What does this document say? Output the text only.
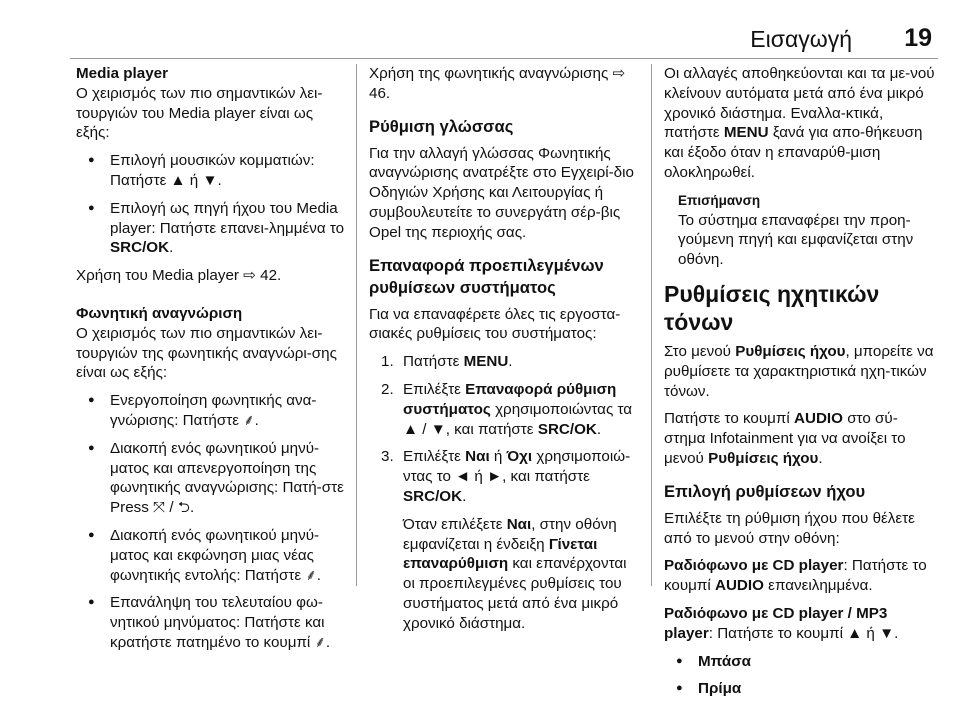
Εισαγωγή 19

Media player

Ο χειρισμός των πιο σημαντικών λει-τουργιών του Media player είναι ως εξής:

● Επιλογή μουσικών κομματιών: Πατήστε ▲ ή ▼.
● Επιλογή ως πηγή ήχου του Media player: Πατήστε επανει-λημμένα το SRC/OK.

Χρήση του Media player ⇨ 42.

Φωνητική αναγνώριση

Ο χειρισμός των πιο σημαντικών λει-τουργιών της φωνητικής αναγνώρι-σης είναι ως εξής:

● Ενεργοποίηση φωνητικής ανα-γνώρισης: Πατήστε ⸙.
● Διακοπή ενός φωνητικού μηνύ-ματος και απενεργοποίηση της φωνητικής αναγνώρισης: Πατή-στε Press ⤧ / ⮌.
● Διακοπή ενός φωνητικού μηνύ-ματος και εκφώνηση μιας νέας φωνητικής εντολής: Πατήστε ⸙.
● Επανάληψη του τελευταίου φω-νητικού μηνύματος: Πατήστε και κρατήστε πατημένο το κουμπί ⸙.

Χρήση της φωνητικής αναγνώρισης ⇨ 46.

Ρύθμιση γλώσσας

Για την αλλαγή γλώσσας Φωνητικής αναγνώρισης ανατρέξτε στο Εγχειρί-διο Οδηγιών Χρήσης και Λειτουργίας ή συμβουλευτείτε το συνεργάτη σέρ-βις Opel της περιοχής σας.

Επαναφορά προεπιλεγμένων ρυθμίσεων συστήματος

Για να επαναφέρετε όλες τις εργοστα-σιακές ρυθμίσεις του συστήματος:

1. Πατήστε MENU.
2. Επιλέξτε Επαναφορά ρύθμιση συστήματος χρησιμοποιώντας τα ▲ / ▼, και πατήστε SRC/OK.
3. Επιλέξτε Ναι ή Όχι χρησιμοποιώ-ντας το ◄ ή ►, και πατήστε SRC/OK.
Όταν επιλέξετε Ναι, στην οθόνη εμφανίζεται η ένδειξη Γίνεται επαναρύθμιση και επανέρχονται οι προεπιλεγμένες ρυθμίσεις του συστήματος μετά από ένα μικρό χρονικό διάστημα.

Οι αλλαγές αποθηκεύονται και τα με-νού κλείνουν αυτόματα μετά από ένα μικρό χρονικό διάστημα. Εναλλα-κτικά, πατήστε MENU ξανά για απο-θήκευση και έξοδο όταν η επαναρύθ-μιση ολοκληρωθεί.

Επισήμανση

Το σύστημα επαναφέρει την προη-γούμενη πηγή και εμφανίζεται στην οθόνη.

Ρυθμίσεις ηχητικών τόνων

Στο μενού Ρυθμίσεις ήχου, μπορείτε να ρυθμίσετε τα χαρακτηριστικά ηχη-τικών τόνων.

Πατήστε το κουμπί AUDIO στο σύ-στημα Infotainment για να ανοίξει το μενού Ρυθμίσεις ήχου.

Επιλογή ρυθμίσεων ήχου

Επιλέξτε τη ρύθμιση ήχου που θέλετε από το μενού στην οθόνη:

Ραδιόφωνο με CD player: Πατήστε το κουμπί AUDIO επανειλημμένα.

Ραδιόφωνο με CD player / MP3 player: Πατήστε το κουμπί ▲ ή ▼.

● Μπάσα
● Πρίμα
